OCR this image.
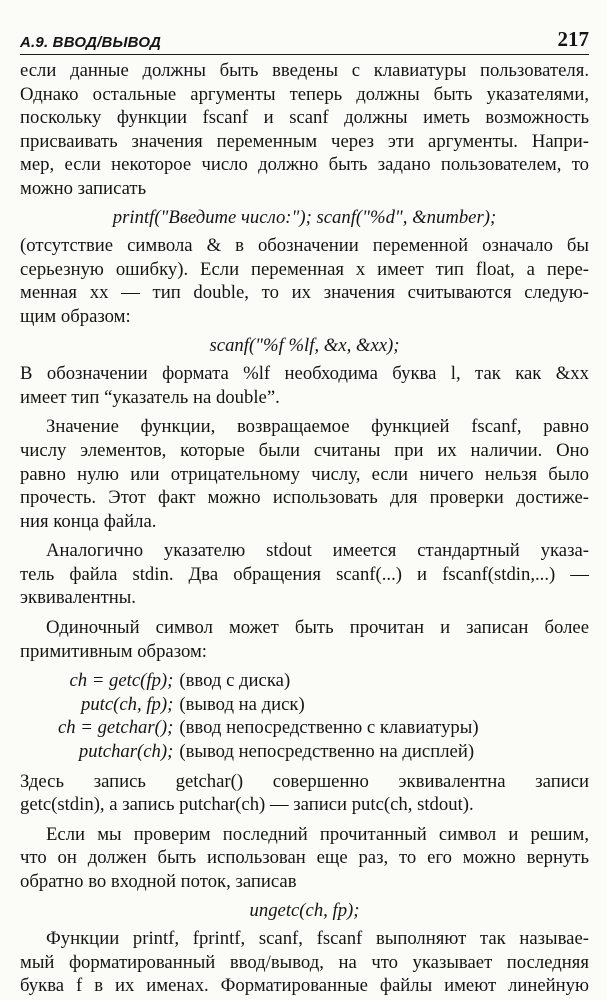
А.9. ВВОД/ВЫВОД	217

если данные должны быть введены с клавиатуры пользователя.
Однако остальные аргументы теперь должны быть указателями,
поскольку функции fscanf и scanf должны иметь возможность
присваивать значения переменным через эти аргументы. Напри-
мер, если некоторое число должно быть задано пользователем, то
можно записать

printf("Введите число:"); scanf("%d", &number);

(отсутствие символа & в обозначении переменной означало бы
серьезную ошибку). Если переменная x имеет тип float, а пере-
менная xx — тип double, то их значения считываются следую-
щим образом:

scanf("%f %lf, &x, &xx);

В обозначении формата %lf необходима буква l, так как &xx
имеет тип “указатель на double”.

Значение функции, возвращаемое функцией fscanf, равно
числу элементов, которые были считаны при их наличии. Оно
равно нулю или отрицательному числу, если ничего нельзя было
прочесть. Этот факт можно использовать для проверки достиже-
ния конца файла.

Аналогично указателю stdout имеется стандартный указа-
тель файла stdin. Два обращения scanf(...) и fscanf(stdin,...) —
эквивалентны.

Одиночный символ может быть прочитан и записан более
примитивным образом:

ch = getc(fp);	(ввод с диска)
putc(ch, fp);	(вывод на диск)
ch = getchar();	(ввод непосредственно с клавиатуры)
putchar(ch);	(вывод непосредственно на дисплей)

Здесь запись getchar() совершенно эквивалентна записи
getc(stdin), а запись putchar(ch) — записи putc(ch, stdout).

Если мы проверим последний прочитанный символ и решим,
что он должен быть использован еще раз, то его можно вернуть
обратно во входной поток, записав

ungetc(ch, fp);

Функции printf, fprintf, scanf, fscanf выполняют так называе-
мый форматированный ввод/вывод, на что указывает последняя
буква f в их именах. Форматированные файлы имеют линейную
